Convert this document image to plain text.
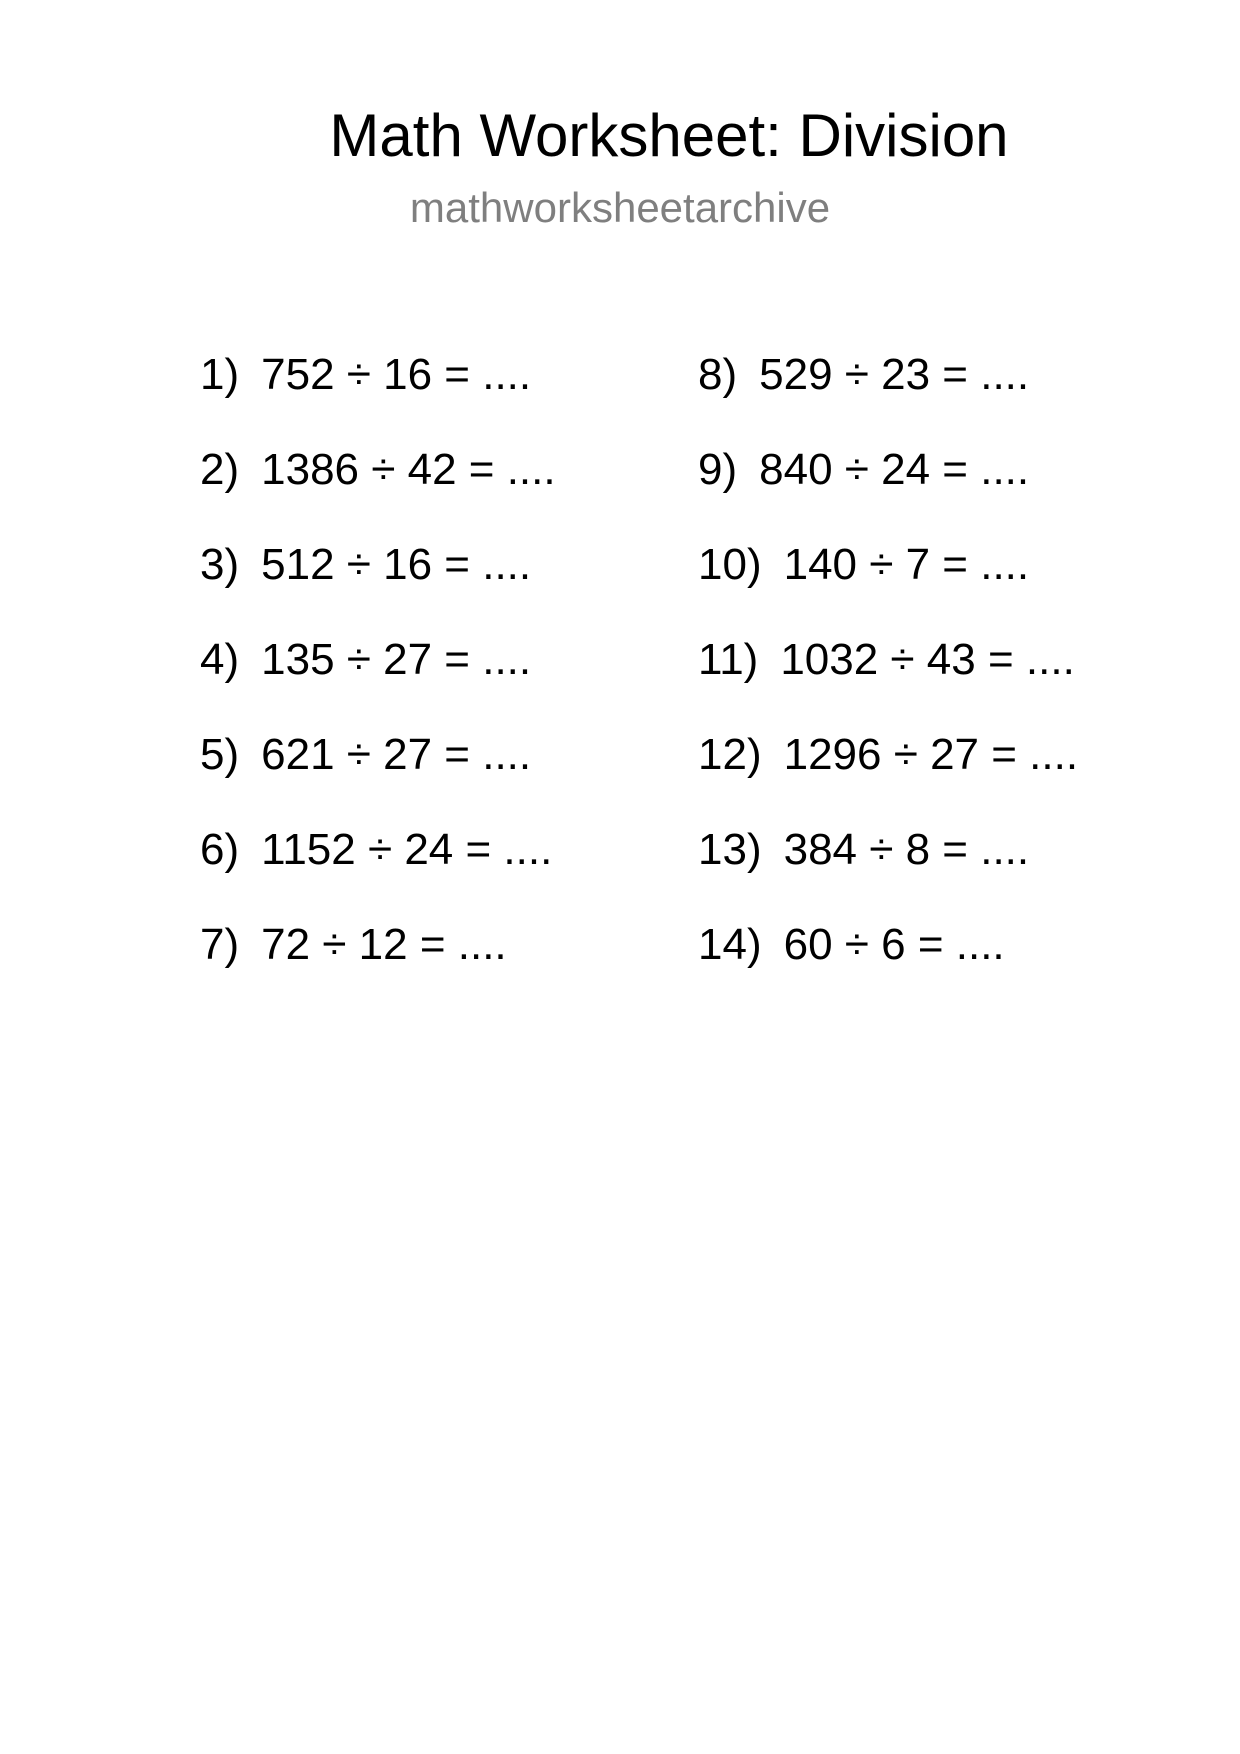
Math Worksheet: Division
mathworksheetarchive
1) 752 ÷ 16 = ....
2) 1386 ÷ 42 = ....
3) 512 ÷ 16 = ....
4) 135 ÷ 27 = ....
5) 621 ÷ 27 = ....
6) 1152 ÷ 24 = ....
7) 72 ÷ 12 = ....
8) 529 ÷ 23 = ....
9) 840 ÷ 24 = ....
10) 140 ÷ 7 = ....
11) 1032 ÷ 43 = ....
12) 1296 ÷ 27 = ....
13) 384 ÷ 8 = ....
14) 60 ÷ 6 = ....
